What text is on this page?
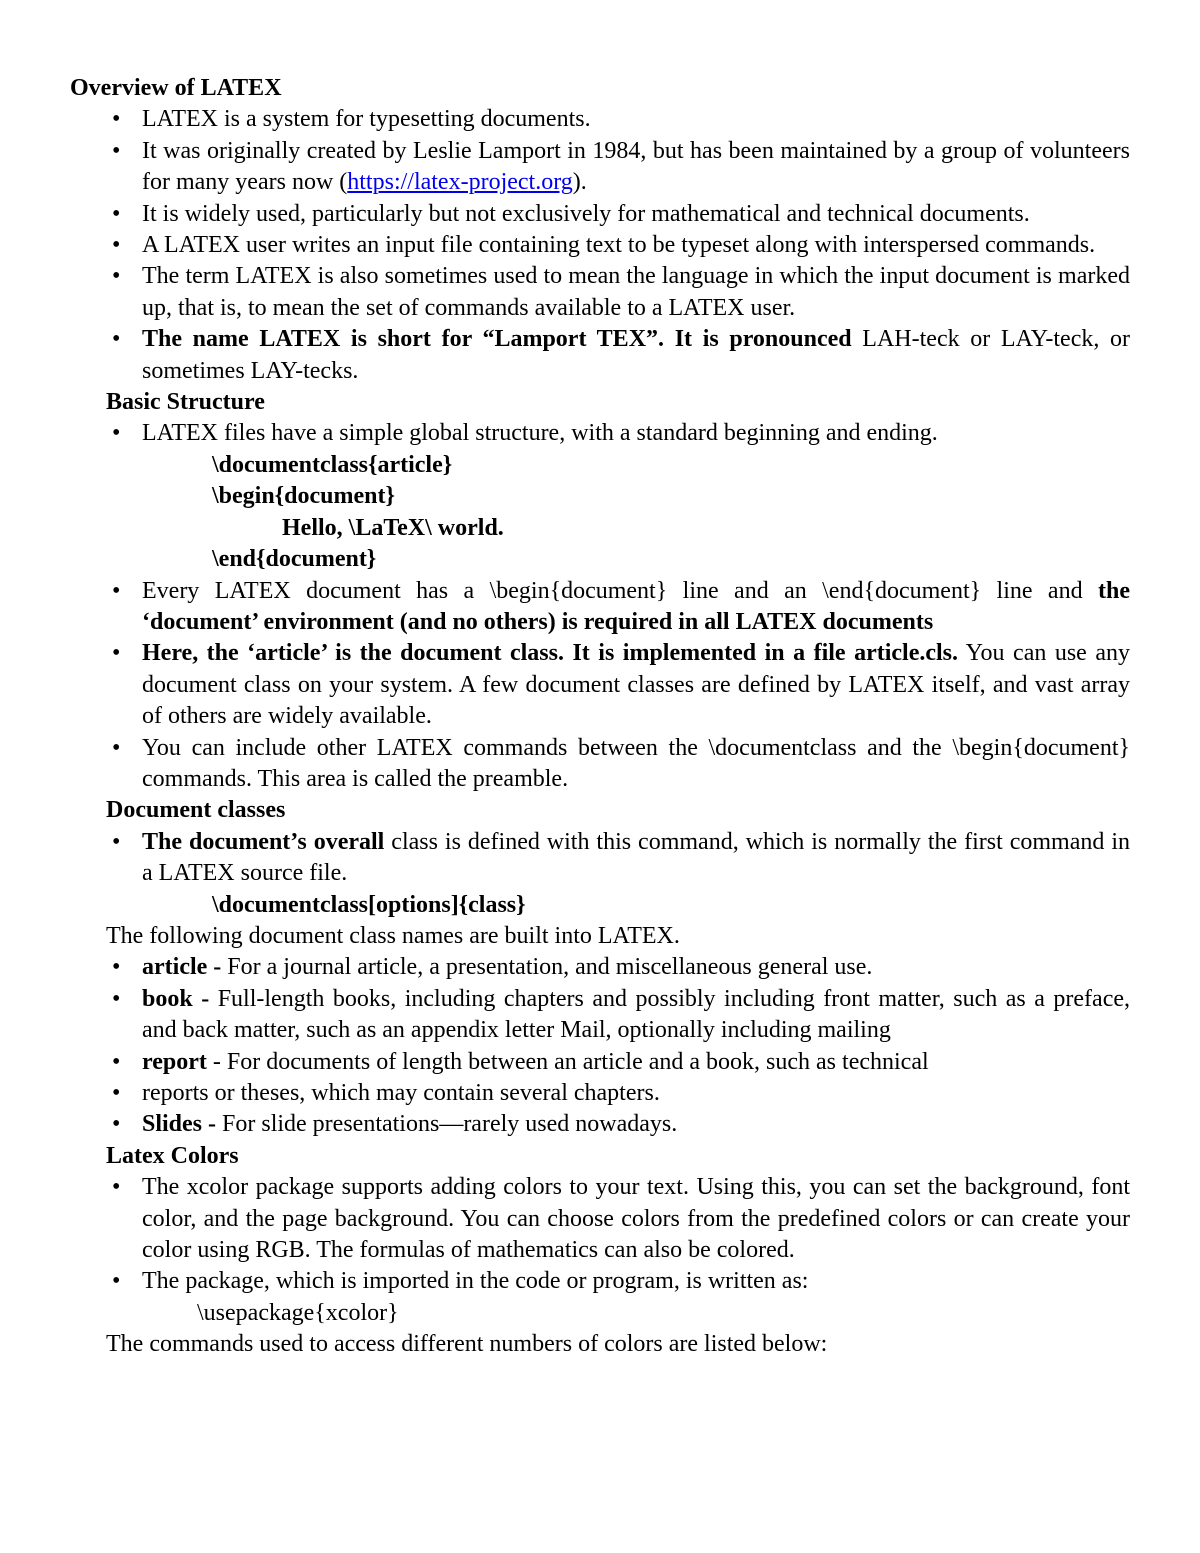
Overview of LATEX
• LATEX is a system for typesetting documents.
• It was originally created by Leslie Lamport in 1984, but has been maintained by a group of volunteers for many years now (https://latex-project.org).
• It is widely used, particularly but not exclusively for mathematical and technical documents.
• A LATEX user writes an input file containing text to be typeset along with interspersed commands.
• The term LATEX is also sometimes used to mean the language in which the input document is marked up, that is, to mean the set of commands available to a LATEX user.
• The name LATEX is short for “Lamport TEX”. It is pronounced LAH-teck or LAY-teck, or sometimes LAY-tecks.
Basic Structure
• LATEX files have a simple global structure, with a standard beginning and ending.
\documentclass{article}
\begin{document}
Hello, \LaTeX\ world.
\end{document}
• Every LATEX document has a \begin{document} line and an \end{document} line and the ‘document’ environment (and no others) is required in all LATEX documents
• Here, the ‘article’ is the document class. It is implemented in a file article.cls. You can use any document class on your system. A few document classes are defined by LATEX itself, and vast array of others are widely available.
• You can include other LATEX commands between the \documentclass and the \begin{document} commands. This area is called the preamble.
Document classes
• The document’s overall class is defined with this command, which is normally the first command in a LATEX source file.
\documentclass[options]{class}
The following document class names are built into LATEX.
• article - For a journal article, a presentation, and miscellaneous general use.
• book - Full-length books, including chapters and possibly including front matter, such as a preface, and back matter, such as an appendix letter Mail, optionally including mailing
• report - For documents of length between an article and a book, such as technical
• reports or theses, which may contain several chapters.
• Slides - For slide presentations—rarely used nowadays.
Latex Colors
• The xcolor package supports adding colors to your text. Using this, you can set the background, font color, and the page background. You can choose colors from the predefined colors or can create your color using RGB. The formulas of mathematics can also be colored.
• The package, which is imported in the code or program, is written as:
\usepackage{xcolor}
The commands used to access different numbers of colors are listed below:
